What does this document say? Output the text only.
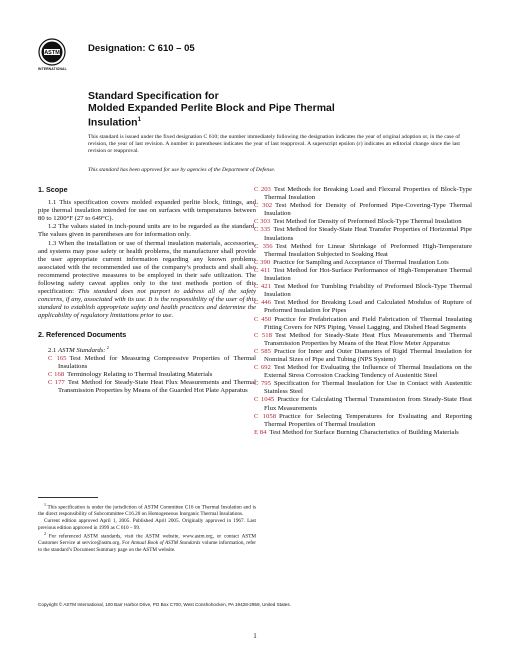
ASTM
INTERNATIONAL
Designation: C 610 – 05
Standard Specification for
Molded Expanded Perlite Block and Pipe Thermal
Insulation$^1$
This standard is issued under the fixed designation C 610; the number immediately following the designation indicates the year of original adoption or, in the case of revision, the year of last revision. A number in parentheses indicates the year of last reapproval. A superscript epsilon (ε) indicates an editorial change since the last revision or reapproval.
This standard has been approved for use by agencies of the Department of Defense.
1. Scope

1.1 This specification covers molded expanded perlite block, fittings, and pipe thermal insulation intended for use on surfaces with temperatures between 80 to 1200°F (27 to 649°C).

1.2 The values stated in inch-pound units are to be regarded as the standard. The values given in parentheses are for information only.

1.3 When the installation or use of thermal insulation materials, accessories, and systems may pose safety or health problems, the manufacturer shall provide the user appropriate current information regarding any known problems associated with the recommended use of the company’s products and shall also recommend protective measures to be employed in their safe utilization. The following safety caveat applies only to the test methods portion of this specification: This standard does not purport to address all of the safety concerns, if any, associated with its use. It is the responsibility of the user of this standard to establish appropriate safety and health practices and determine the applicability of regulatory limitations prior to use.

2. Referenced Documents

2.1 ASTM Standards: $^2$

C 165 Test Method for Measuring Compressive Properties of Thermal Insulations

C 168 Terminology Relating to Thermal Insulating Materials

C 177 Test Method for Steady-State Heat Flux Measurements and Thermal Transmission Properties by Means of the Guarded Hot Plate Apparatus

C 203 Test Methods for Breaking Load and Flexural Properties of Block-Type Thermal Insulation

C 302 Test Method for Density of Preformed Pipe-Covering-Type Thermal Insulation

C 303 Test Method for Density of Preformed Block-Type Thermal Insulation

C 335 Test Method for Steady-State Heat Transfer Properties of Horizontal Pipe Insulations

C 356 Test Method for Linear Shrinkage of Preformed High-Temperature Thermal Insulation Subjected to Soaking Heat

C 390 Practice for Sampling and Acceptance of Thermal Insulation Lots

C 411 Test Method for Hot-Surface Performance of High-Temperature Thermal Insulation

C 421 Test Method for Tumbling Friability of Preformed Block-Type Thermal Insulation

C 446 Test Method for Breaking Load and Calculated Modulus of Rupture of Preformed Insulation for Pipes

C 450 Practice for Prefabrication and Field Fabrication of Thermal Insulating Fitting Covers for NPS Piping, Vessel Lagging, and Dished Head Segments

C 518 Test Method for Steady-State Heat Flux Measurements and Thermal Transmission Properties by Means of the Heat Flow Meter Apparatus

C 585 Practice for Inner and Outer Diameters of Rigid Thermal Insulation for Nominal Sizes of Pipe and Tubing (NPS System)

C 692 Test Method for Evaluating the Influence of Thermal Insulations on the External Stress Corrosion Cracking Tendency of Austenitic Steel

C 795 Specification for Thermal Insulation for Use in Contact with Austenitic Stainless Steel

C 1045 Practice for Calculating Thermal Transmission from Steady-State Heat Flux Measurements

C 1058 Practice for Selecting Temperatures for Evaluating and Reporting Thermal Properties of Thermal Insulation

E 84 Test Method for Surface Burning Characteristics of Building Materials

$^1$ This specification is under the jurisdiction of ASTM Committee C16 on Thermal Insulation and is the direct responsibility of Subcommittee C16.20 on Homogeneous Inorganic Thermal Insulations.

Current edition approved April 1, 2005. Published April 2005. Originally approved in 1967. Last previous edition approved in 1999 as C 610 – 99.

$^2$ For referenced ASTM standards, visit the ASTM website, www.astm.org, or contact ASTM Customer Service at service@astm.org. For Annual Book of ASTM Standards volume information, refer to the standard’s Document Summary page on the ASTM website.

Copyright © ASTM International, 100 Barr Harbor Drive, PO Box C700, West Conshohocken, PA 19428-2959, United States.
1
